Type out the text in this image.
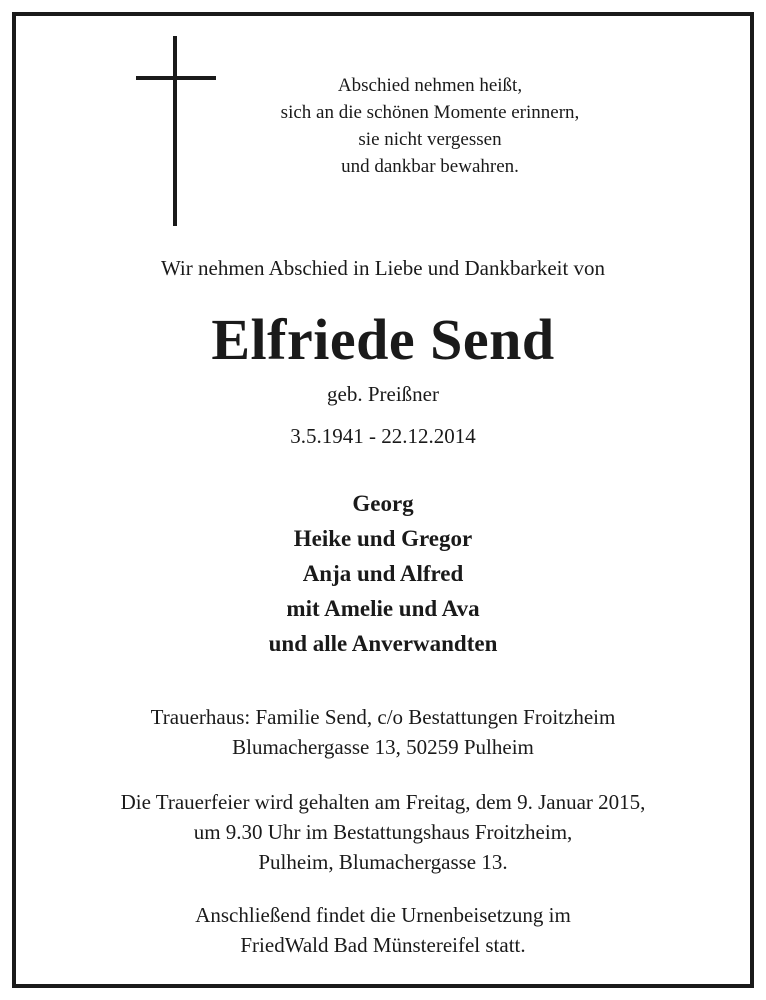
Abschied nehmen heißt,
sich an die schönen Momente erinnern,
sie nicht vergessen
und dankbar bewahren.
Wir nehmen Abschied in Liebe und Dankbarkeit von
Elfriede Send
geb. Preißner
3.5.1941 - 22.12.2014
Georg
Heike und Gregor
Anja und Alfred
mit Amelie und Ava
und alle Anverwandten
Trauerhaus: Familie Send, c/o Bestattungen Froitzheim
Blumachergasse 13, 50259 Pulheim
Die Trauerfeier wird gehalten am Freitag, dem 9. Januar 2015,
um 9.30 Uhr im Bestattungshaus Froitzheim,
Pulheim, Blumachergasse 13.
Anschließend findet die Urnenbeisetzung im
FriedWald Bad Münstereifel statt.
